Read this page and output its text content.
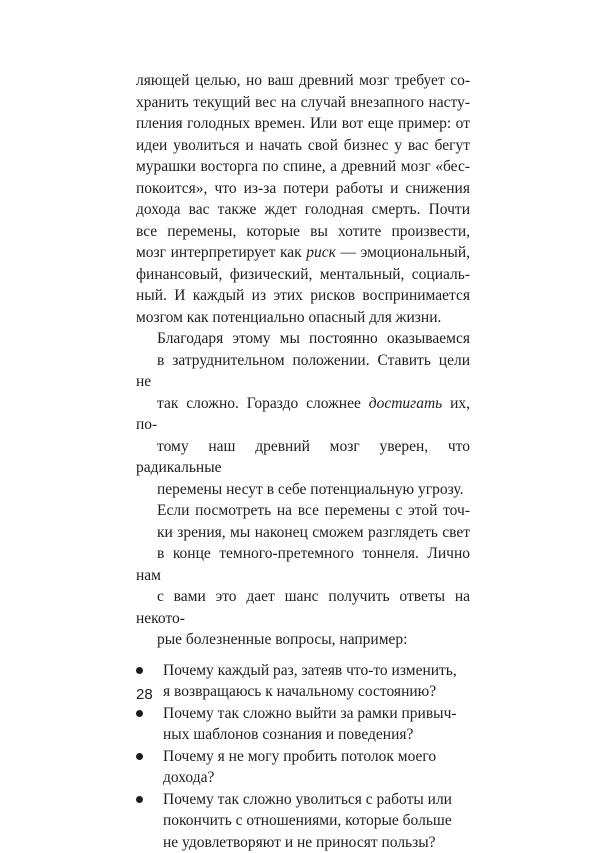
ляющей целью, но ваш древний мозг требует со-
хранить текущий вес на случай внезапного насту-
пления голодных времен. Или вот еще пример: от
идеи уволиться и начать свой бизнес у вас бегут
мурашки восторга по спине, а древний мозг «бес-
покоится», что из-за потери работы и снижения
дохода вас также ждет голодная смерть. Почти
все перемены, которые вы хотите произвести,
мозг интерпретирует как риск — эмоциональный,
финансовый, физический, ментальный, социаль-
ный. И каждый из этих рисков воспринимается
мозгом как потенциально опасный для жизни.

Благодаря этому мы постоянно оказываемся
в затруднительном положении. Ставить цели не
так сложно. Гораздо сложнее достигать их, по-
тому наш древний мозг уверен, что радикальные
перемены несут в себе потенциальную угрозу.

Если посмотреть на все перемены с этой точ-
ки зрения, мы наконец сможем разглядеть свет
в конце темного-претемного тоннеля. Лично нам
с вами это дает шанс получить ответы на некото-
рые болезненные вопросы, например:

Почему каждый раз, затеяв что-то изменить,
я возвращаюсь к начальному состоянию?
Почему так сложно выйти за рамки привыч-
ных шаблонов сознания и поведения?
Почему я не могу пробить потолок моего
дохода?
Почему так сложно уволиться с работы или
покончить с отношениями, которые больше
не удовлетворяют и не приносят пользы?
28
